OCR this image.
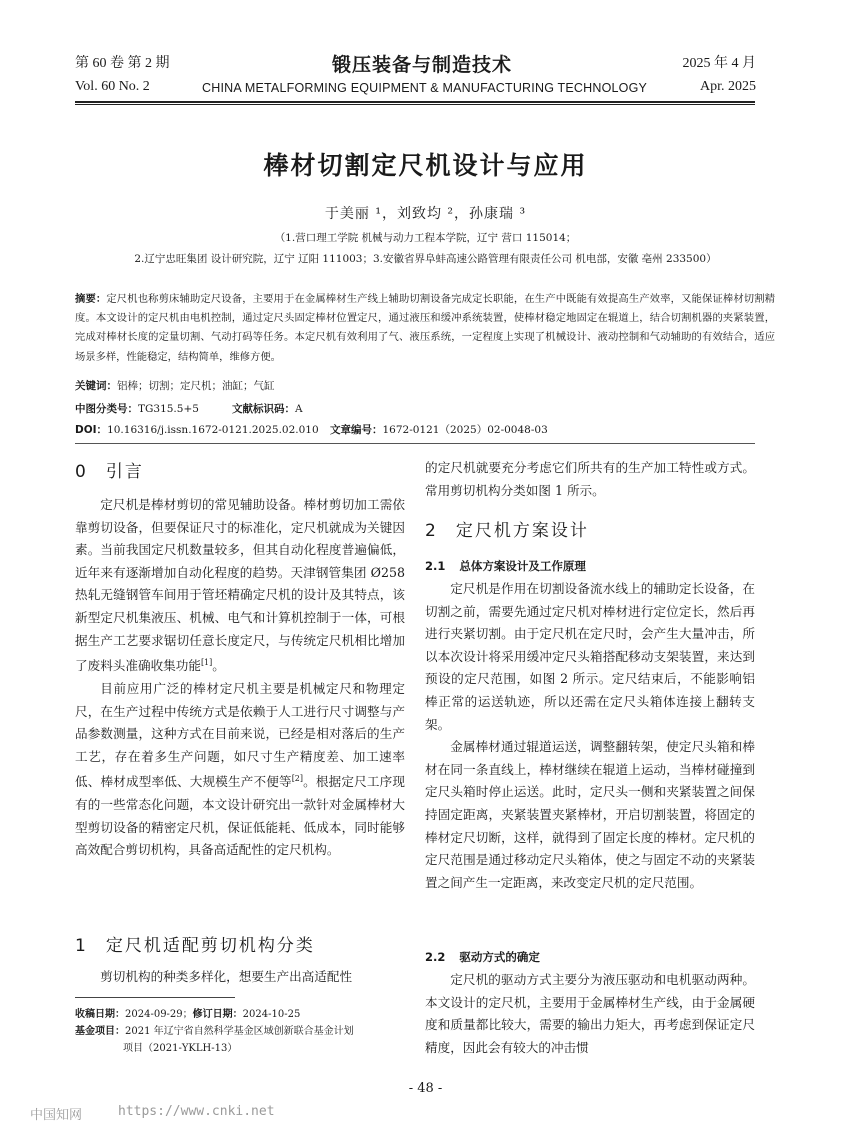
第 60 卷 第 2 期	锻压装备与制造技术	2025 年 4 月
Vol. 60 No. 2	CHINA METALFORMING EQUIPMENT & MANUFACTURING TECHNOLOGY	Apr. 2025
棒材切割定尺机设计与应用
于美丽 ¹，刘致均 ²，孙康瑞 ³
（1.营口理工学院 机械与动力工程本学院，辽宁 营口 115014；
2.辽宁忠旺集团 设计研究院，辽宁 辽阳 111003；3.安徽省界阜蚌高速公路管理有限责任公司 机电部，安徽 亳州 233500）
摘要：定尺机也称剪床辅助定尺设备，主要用于在金属棒材生产线上辅助切割设备完成定长职能，在生产中既能有效提高生产效率，又能保证棒材切割精度。本文设计的定尺机由电机控制，通过定尺头固定棒材位置定尺，通过液压和缓冲系统装置，使棒材稳定地固定在辊道上，结合切割机器的夹紧装置，完成对棒材长度的定量切割、气动打码等任务。本定尺机有效利用了气、液压系统，一定程度上实现了机械设计、液动控制和气动辅助的有效结合，适应场景多样，性能稳定，结构简单，维修方便。
关键词：铝棒；切割；定尺机；油缸；气缸
中图分类号：TG315.5+5	文献标识码：A
DOI：10.16316/j.issn.1672-0121.2025.02.010 文章编号：1672-0121（2025）02-0048-03
0 引言

定尺机是棒材剪切的常见辅助设备。棒材剪切加工需依靠剪切设备，但要保证尺寸的标准化，定尺机就成为关键因素。当前我国定尺机数量较多，但其自动化程度普遍偏低，近年来有逐渐增加自动化程度的趋势。天津钢管集团 Ø258 热轧无缝钢管车间用于管坯精确定尺机的设计及其特点，该新型定尺机集液压、机械、电气和计算机控制于一体，可根据生产工艺要求锯切任意长度定尺，与传统定尺机相比增加了废料头准确收集功能[1]。

目前应用广泛的棒材定尺机主要是机械定尺和物理定尺，在生产过程中传统方式是依赖于人工进行尺寸调整与产品参数测量，这种方式在目前来说，已经是相对落后的生产工艺，存在着多生产问题，如尺寸生产精度差、加工速率低、棒材成型率低、大规模生产不便等[2]。根据定尺工序现有的一些常态化问题，本文设计研究出一款针对金属棒材大型剪切设备的精密定尺机，保证低能耗、低成本，同时能够高效配合剪切机构，具备高适配性的定尺机构。

1 定尺机适配剪切机构分类

剪切机构的种类多样化，想要生产出高适配性

收稿日期：2024-09-29；修订日期：2024-10-25
基金项目：2021 年辽宁省自然科学基金区域创新联合基金计划
项目（2021-YKLH-13）

的定尺机就要充分考虑它们所共有的生产加工特性或方式。常用剪切机构分类如图 1 所示。

2 定尺机方案设计
2.1 总体方案设计及工作原理

定尺机是作用在切割设备流水线上的辅助定长设备，在切割之前，需要先通过定尺机对棒材进行定位定长，然后再进行夹紧切割。由于定尺机在定尺时，会产生大量冲击，所以本次设计将采用缓冲定尺头箱搭配移动支架装置，来达到预设的定尺范围，如图 2 所示。定尺结束后，不能影响铝棒正常的运送轨迹，所以还需在定尺头箱体连接上翻转支架。

金属棒材通过辊道运送，调整翻转架，使定尺头箱和棒材在同一条直线上，棒材继续在辊道上运动，当棒材碰撞到定尺头箱时停止运送。此时，定尺头一侧和夹紧装置之间保持固定距离，夹紧装置夹紧棒材，开启切割装置，将固定的棒材定尺切断，这样，就得到了固定长度的棒材。定尺机的定尺范围是通过移动定尺头箱体，使之与固定不动的夹紧装置之间产生一定距离，来改变定尺机的定尺范围。

2.2 驱动方式的确定

定尺机的驱动方式主要分为液压驱动和电机驱动两种。本文设计的定尺机，主要用于金属棒材生产线，由于金属硬度和质量都比较大，需要的输出力矩大，再考虑到保证定尺精度，因此会有较大的冲击惯

- 48 -
中国知网	https://www.cnki.net
